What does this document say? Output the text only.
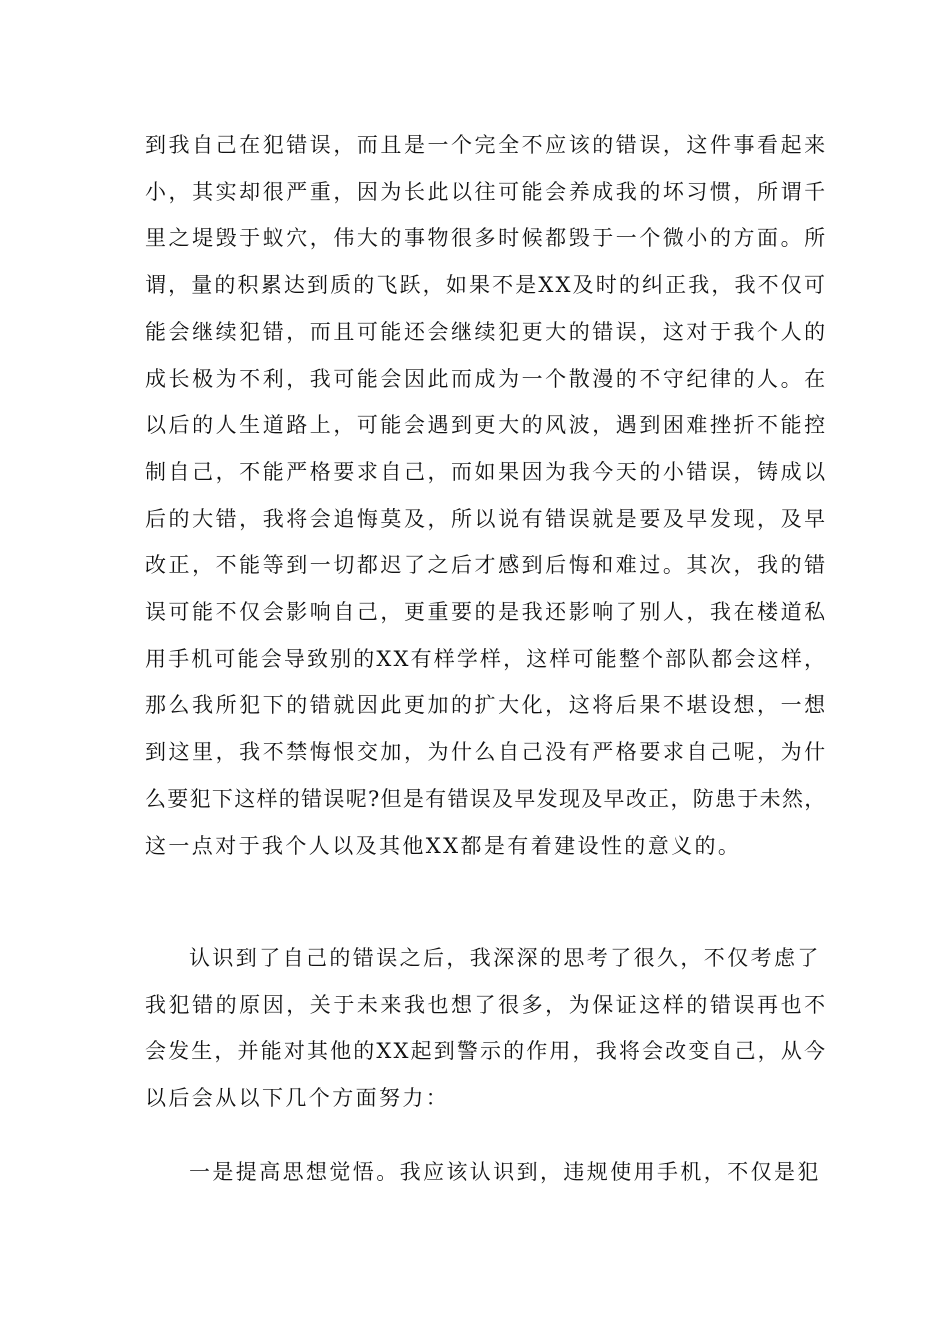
到我自己在犯错误，而且是一个完全不应该的错误，这件事看起来
小，其实却很严重，因为长此以往可能会养成我的坏习惯，所谓千
里之堤毁于蚁穴，伟大的事物很多时候都毁于一个微小的方面。所
谓，量的积累达到质的飞跃，如果不是XX及时的纠正我，我不仅可
能会继续犯错，而且可能还会继续犯更大的错误，这对于我个人的
成长极为不利，我可能会因此而成为一个散漫的不守纪律的人。在
以后的人生道路上，可能会遇到更大的风波，遇到困难挫折不能控
制自己，不能严格要求自己，而如果因为我今天的小错误，铸成以
后的大错，我将会追悔莫及，所以说有错误就是要及早发现，及早
改正，不能等到一切都迟了之后才感到后悔和难过。其次，我的错
误可能不仅会影响自己，更重要的是我还影响了别人，我在楼道私
用手机可能会导致别的XX有样学样，这样可能整个部队都会这样，
那么我所犯下的错就因此更加的扩大化，这将后果不堪设想，一想
到这里，我不禁悔恨交加，为什么自己没有严格要求自己呢，为什
么要犯下这样的错误呢?但是有错误及早发现及早改正，防患于未然，
这一点对于我个人以及其他XX都是有着建设性的意义的。
认识到了自己的错误之后，我深深的思考了很久，不仅考虑了
我犯错的原因，关于未来我也想了很多，为保证这样的错误再也不
会发生，并能对其他的XX起到警示的作用，我将会改变自己，从今
以后会从以下几个方面努力：
一是提高思想觉悟。我应该认识到，违规使用手机，不仅是犯
